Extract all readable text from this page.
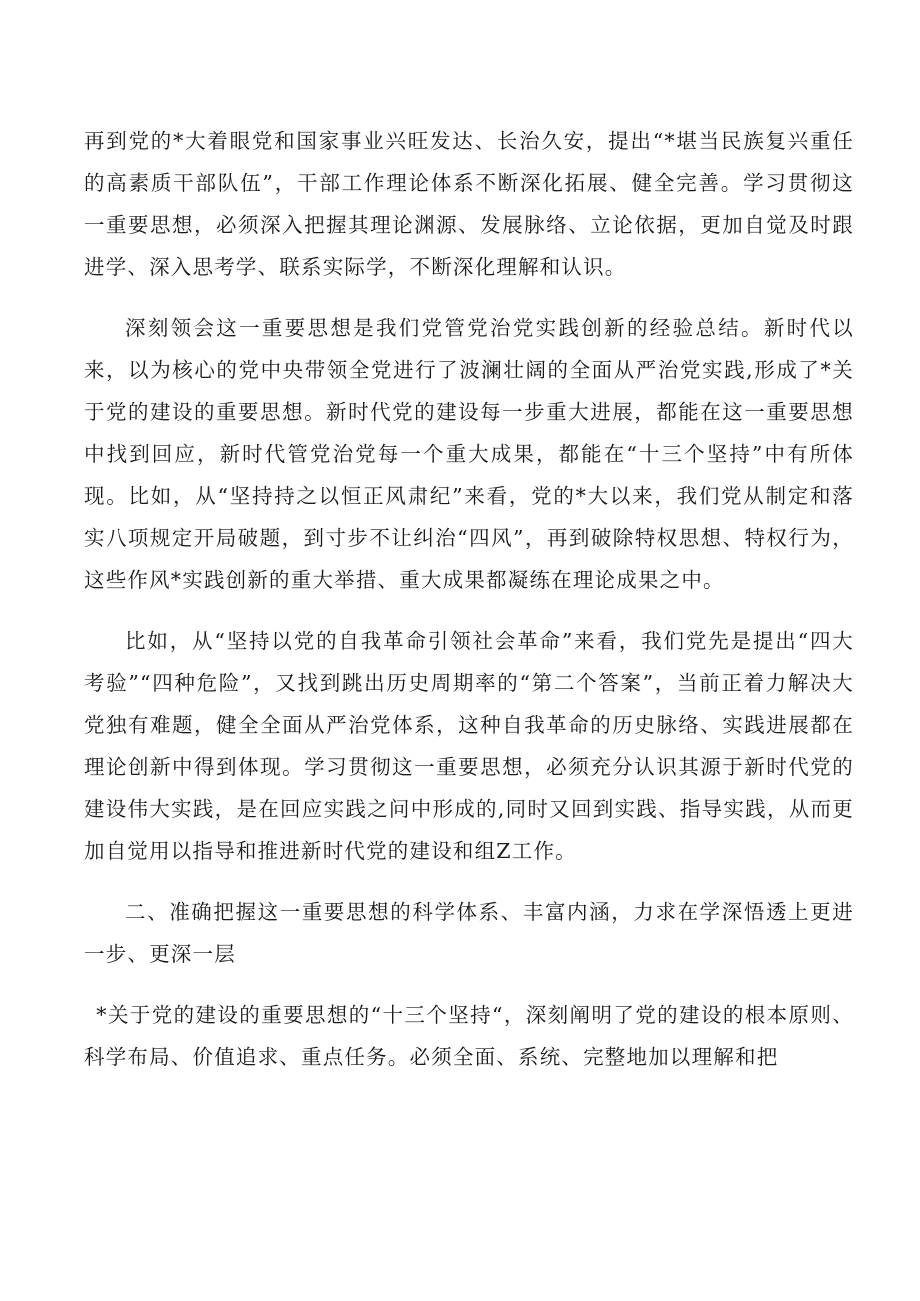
再到党的*大着眼党和国家事业兴旺发达、长治久安，提出“*堪当民族复兴重任的高素质干部队伍”，干部工作理论体系不断深化拓展、健全完善。学习贯彻这一重要思想，必须深入把握其理论渊源、发展脉络、立论依据，更加自觉及时跟进学、深入思考学、联系实际学，不断深化理解和认识。

深刻领会这一重要思想是我们党管党治党实践创新的经验总结。新时代以来，以为核心的党中央带领全党进行了波澜壮阔的全面从严治党实践,形成了*关于党的建设的重要思想。新时代党的建设每一步重大进展，都能在这一重要思想中找到回应，新时代管党治党每一个重大成果，都能在“十三个坚持”中有所体现。比如，从“坚持持之以恒正风肃纪”来看，党的*大以来，我们党从制定和落实八项规定开局破题，到寸步不让纠治“四风”，再到破除特权思想、特权行为，这些作风*实践创新的重大举措、重大成果都凝练在理论成果之中。

比如，从“坚持以党的自我革命引领社会革命”来看，我们党先是提出“四大考验”“四种危险”，又找到跳出历史周期率的“第二个答案”，当前正着力解决大党独有难题，健全全面从严治党体系，这种自我革命的历史脉络、实践进展都在理论创新中得到体现。学习贯彻这一重要思想，必须充分认识其源于新时代党的建设伟大实践，是在回应实践之问中形成的,同时又回到实践、指导实践，从而更加自觉用以指导和推进新时代党的建设和组Z工作。

二、准确把握这一重要思想的科学体系、丰富内涵，力求在学深悟透上更进一步、更深一层

*关于党的建设的重要思想的“十三个坚持“，深刻阐明了党的建设的根本原则、科学布局、价值追求、重点任务。必须全面、系统、完整地加以理解和把
